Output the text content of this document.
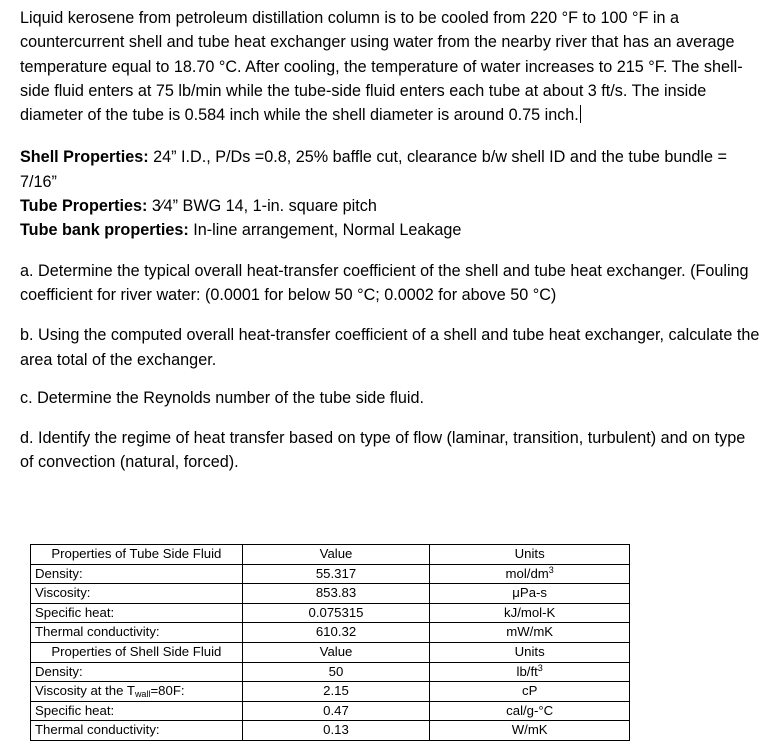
Liquid kerosene from petroleum distillation column is to be cooled from 220 °F to 100 °F in a countercurrent shell and tube heat exchanger using water from the nearby river that has an average temperature equal to 18.70 °C. After cooling, the temperature of water increases to 215 °F. The shell-side fluid enters at 75 lb/min while the tube-side fluid enters each tube at about 3 ft/s. The inside diameter of the tube is 0.584 inch while the shell diameter is around 0.75 inch.

Shell Properties: 24” I.D., P/Ds =0.8, 25% baffle cut, clearance b/w shell ID and the tube bundle = 7/16”

Tube Properties: 3⁄4” BWG 14, 1-in. square pitch

Tube bank properties: In-line arrangement, Normal Leakage

a. Determine the typical overall heat-transfer coefficient of the shell and tube heat exchanger. (Fouling coefficient for river water: (0.0001 for below 50 °C; 0.0002 for above 50 °C)

b. Using the computed overall heat-transfer coefficient of a shell and tube heat exchanger, calculate the area total of the exchanger.

c. Determine the Reynolds number of the tube side fluid.

d. Identify the regime of heat transfer based on type of flow (laminar, transition, turbulent) and on type of convection (natural, forced).

Properties of Tube Side Fluid	Value	Units
Density:	55.317	mol/$dm^3$
Viscosity:	853.83	μPa-s
Specific heat:	0.075315	kJ/mol-K
Thermal conductivity:	610.32	mW/mK
Properties of Shell Side Fluid	Value	Units
Density:	50	$lb/ft^3$
Viscosity at the $T_{wall}=80F$:	2.15	cP
Specific heat:	0.47	cal/g-°C
Thermal conductivity:	0.13	W/mK
